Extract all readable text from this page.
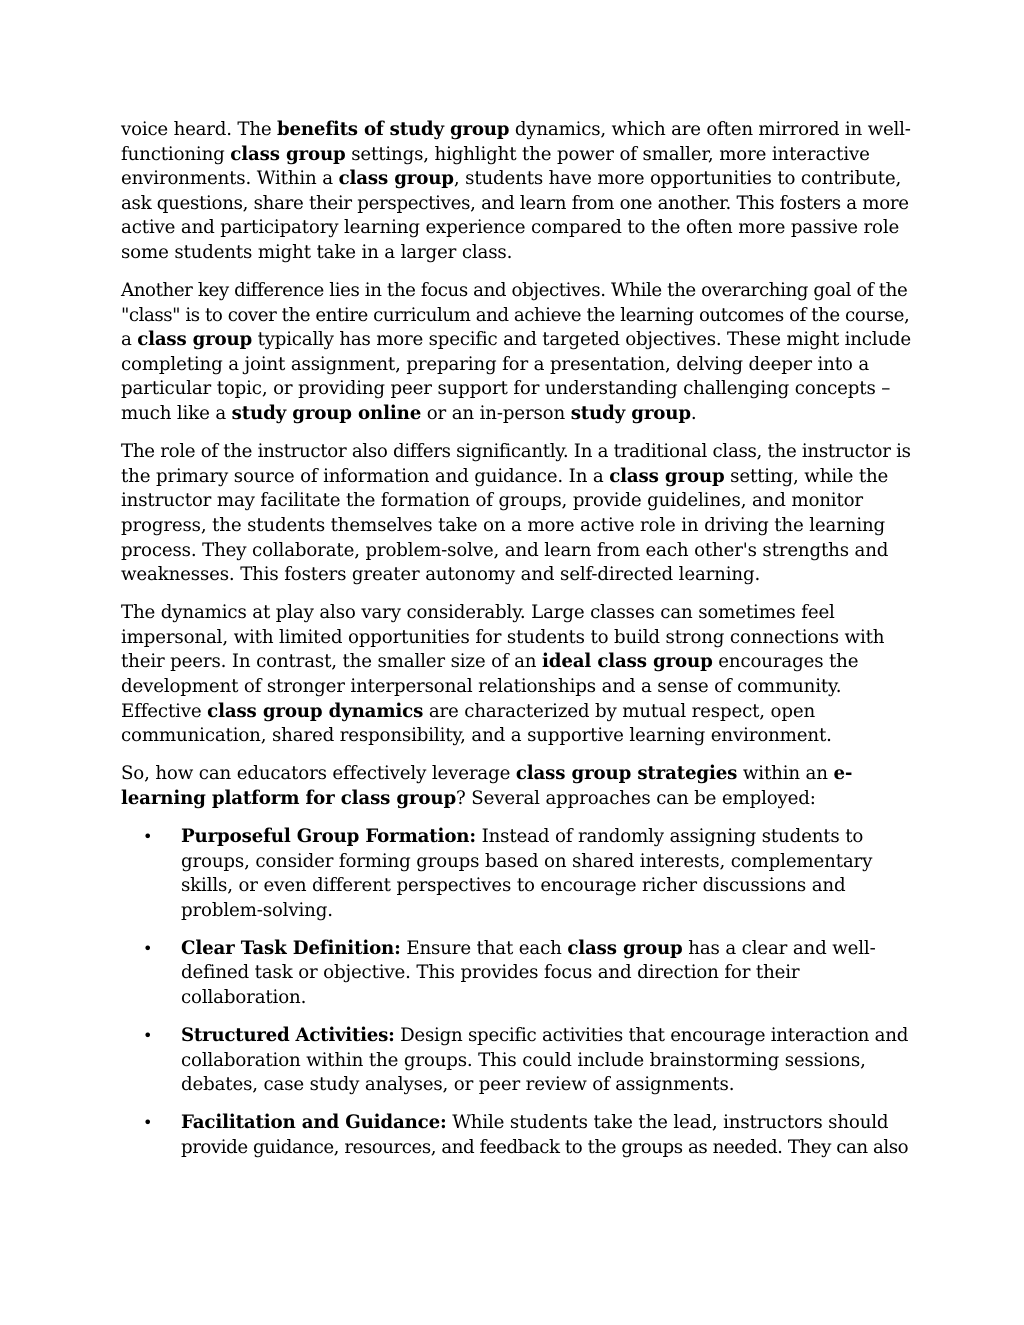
voice heard. The benefits of study group dynamics, which are often mirrored in well-
functioning class group settings, highlight the power of smaller, more interactive
environments. Within a class group, students have more opportunities to contribute,
ask questions, share their perspectives, and learn from one another. This fosters a more
active and participatory learning experience compared to the often more passive role
some students might take in a larger class.

Another key difference lies in the focus and objectives. While the overarching goal of the
"class" is to cover the entire curriculum and achieve the learning outcomes of the course,
a class group typically has more specific and targeted objectives. These might include
completing a joint assignment, preparing for a presentation, delving deeper into a
particular topic, or providing peer support for understanding challenging concepts –
much like a study group online or an in-person study group.

The role of the instructor also differs significantly. In a traditional class, the instructor is
the primary source of information and guidance. In a class group setting, while the
instructor may facilitate the formation of groups, provide guidelines, and monitor
progress, the students themselves take on a more active role in driving the learning
process. They collaborate, problem-solve, and learn from each other's strengths and
weaknesses. This fosters greater autonomy and self-directed learning.

The dynamics at play also vary considerably. Large classes can sometimes feel
impersonal, with limited opportunities for students to build strong connections with
their peers. In contrast, the smaller size of an ideal class group encourages the
development of stronger interpersonal relationships and a sense of community.
Effective class group dynamics are characterized by mutual respect, open
communication, shared responsibility, and a supportive learning environment.

So, how can educators effectively leverage class group strategies within an e-
learning platform for class group? Several approaches can be employed:

• Purposeful Group Formation: Instead of randomly assigning students to
groups, consider forming groups based on shared interests, complementary
skills, or even different perspectives to encourage richer discussions and
problem-solving.
• Clear Task Definition: Ensure that each class group has a clear and well-
defined task or objective. This provides focus and direction for their
collaboration.
• Structured Activities: Design specific activities that encourage interaction and
collaboration within the groups. This could include brainstorming sessions,
debates, case study analyses, or peer review of assignments.
• Facilitation and Guidance: While students take the lead, instructors should
provide guidance, resources, and feedback to the groups as needed. They can also
